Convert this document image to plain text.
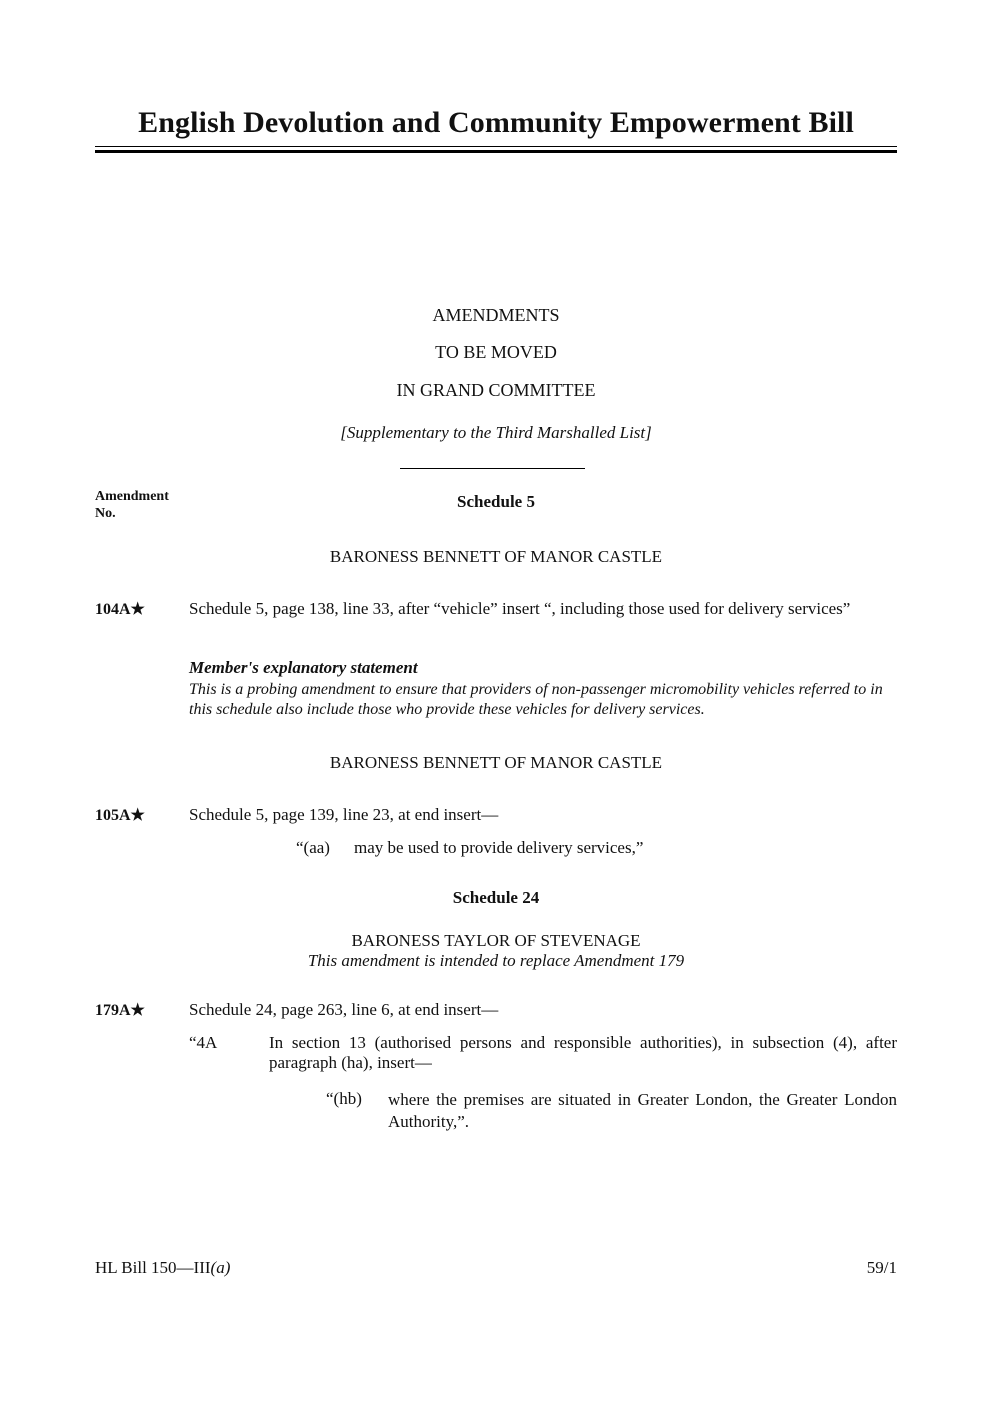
English Devolution and Community Empowerment Bill
AMENDMENTS
TO BE MOVED
IN GRAND COMMITTEE
[Supplementary to the Third Marshalled List]
Amendment
No.
Schedule 5
BARONESS BENNETT OF MANOR CASTLE
104A★	Schedule 5, page 138, line 33, after “vehicle” insert “, including those used for delivery services”
Member's explanatory statement
This is a probing amendment to ensure that providers of non-passenger micromobility vehicles referred to in this schedule also include those who provide these vehicles for delivery services.
BARONESS BENNETT OF MANOR CASTLE
105A★	Schedule 5, page 139, line 23, at end insert—
“(aa) may be used to provide delivery services,”
Schedule 24
BARONESS TAYLOR OF STEVENAGE
This amendment is intended to replace Amendment 179
179A★	Schedule 24, page 263, line 6, at end insert—
“4A	In section 13 (authorised persons and responsible authorities), in subsection (4), after paragraph (ha), insert—
“(hb) where the premises are situated in Greater London, the Greater London Authority,”.
HL Bill 150—III(a)	59/1
